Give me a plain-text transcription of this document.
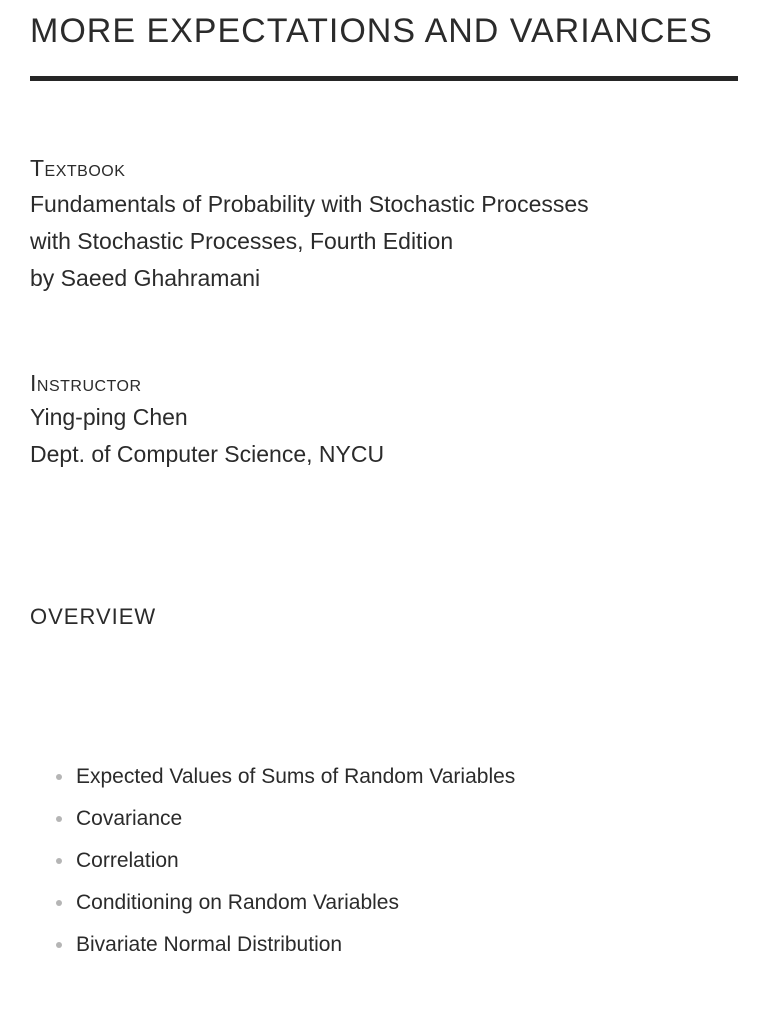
MORE EXPECTATIONS AND VARIANCES
Textbook
Fundamentals of Probability with Stochastic Processes
with Stochastic Processes, Fourth Edition
by Saeed Ghahramani
Instructor
Ying-ping Chen
Dept. of Computer Science, NYCU
OVERVIEW
Expected Values of Sums of Random Variables
Covariance
Correlation
Conditioning on Random Variables
Bivariate Normal Distribution
